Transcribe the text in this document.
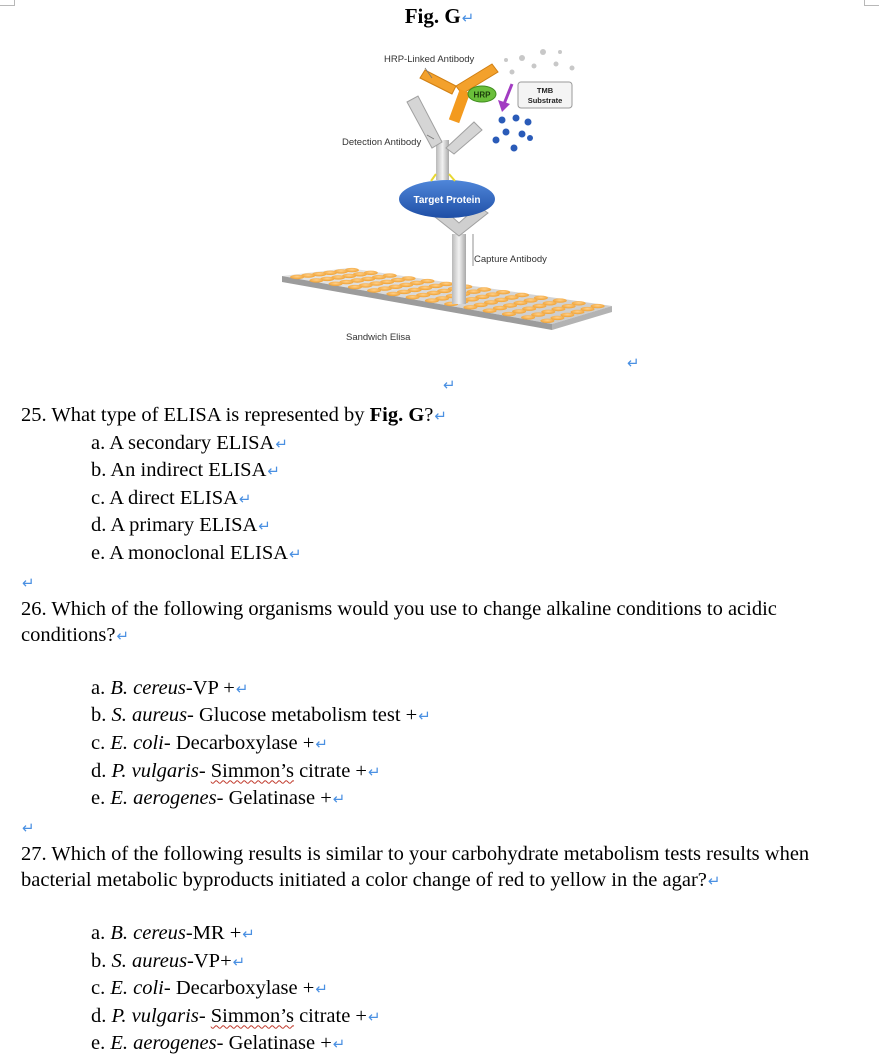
Fig. G↵
Target Protein
HRP	TMB
Substrate
HRP-Linked Antibody
Detection Antibody
Capture Antibody
Sandwich Elisa
↵
↵

25. What type of ELISA is represented by Fig. G?↵

a. A secondary ELISA↵
b. An indirect ELISA↵
c. A direct ELISA↵
d. A primary ELISA↵
e. A monoclonal ELISA↵
↵

26. Which of the following organisms would you use to change alkaline conditions to acidic conditions?↵

a. B. cereus-VP +↵
b. S. aureus- Glucose metabolism test +↵
c. E. coli- Decarboxylase +↵
d. P. vulgaris- Simmon’s citrate +↵
e. E. aerogenes- Gelatinase +↵
↵

27. Which of the following results is similar to your carbohydrate metabolism tests results when bacterial metabolic byproducts initiated a color change of red to yellow in the agar?↵

a. B. cereus-MR +↵
b. S. aureus-VP+↵
c. E. coli- Decarboxylase +↵
d. P. vulgaris- Simmon’s citrate +↵
e. E. aerogenes- Gelatinase +↵
